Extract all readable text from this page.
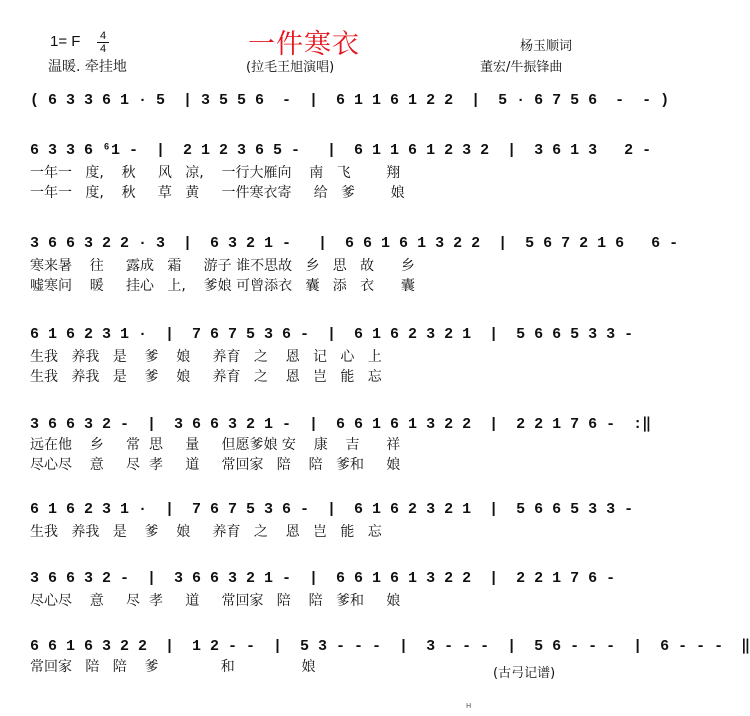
1= F	4
4	一件寒衣
温暖. 牵挂地	(拉毛王旭演唱)
杨玉顺词
董宏/牛振锋曲
( 6 3 3 6 1 · 5  | 3 5 5 6  -  |  6 1 1 6 1 2 2  |  5 · 6 7 5 6  -  - )
6 3 3 6 ⁶1 -  |  2 1 2 3 6 5 -   |  6 1 1 6 1 2 3 2  |  3 6 1 3   2 -
一年一   度,    秋     风   凉,    一行大雁向    南   飞        翔
一年一   度,    秋     草   黄     一件寒衣寄     给   爹        娘
3 6 6 3 2 2 · 3  |  6 3 2 1 -   |  6 6 1 6 1 3 2 2  |  5 6 7 2 1 6   6 -
寒来暑    往     露成   霜     游子 谁不思故   乡   思   故      乡
嘘寒问    暖     挂心   上,    爹娘 可曾添衣   囊   添   衣      囊
6 1 6 2 3 1 ·  |  7 6 7 5 3 6 -  |  6 1 6 2 3 2 1  |  5 6 6 5 3 3 -
生我   养我   是    爹    娘     养育   之    恩   记   心   上
生我   养我   是    爹    娘     养育   之    恩   岂   能   忘
3 6 6 3 2 -  |  3 6 6 3 2 1 -  |  6 6 1 6 1 3 2 2  |  2 2 1 7 6 -  :‖
远在他    乡     常  思     量     但愿爹娘 安    康    吉      祥
尽心尽    意     尽  孝     道     常回家   陪    陪   爹和     娘
6 1 6 2 3 1 ·  |  7 6 7 5 3 6 -  |  6 1 6 2 3 2 1  |  5 6 6 5 3 3 -
生我   养我   是    爹    娘     养育   之    恩   岂   能   忘
3 6 6 3 2 -  |  3 6 6 3 2 1 -  |  6 6 1 6 1 3 2 2  |  2 2 1 7 6 -
尽心尽    意     尽  孝     道     常回家   陪    陪   爹和     娘
6 6 1 6 3 2 2  |  1 2 - -  |  5 3 - - -  |  3 - - -  |  5 6 - - -  |  6 - - -  ‖
常回家   陪   陪    爹              和               娘	(古弓记谱)
H
